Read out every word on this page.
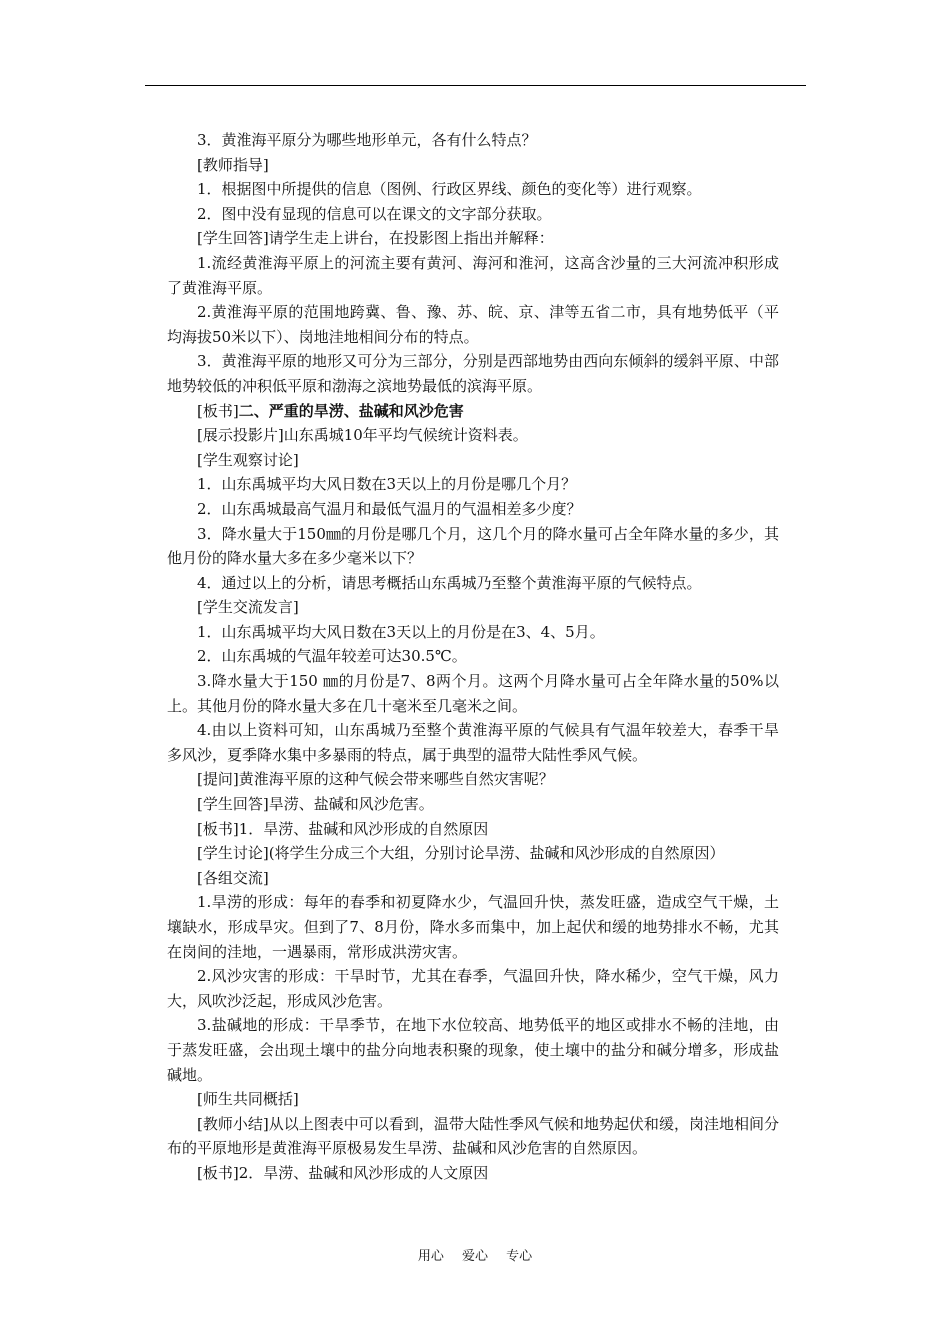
3．黄淮海平原分为哪些地形单元，各有什么特点？

[教师指导]

1．根据图中所提供的信息（图例、行政区界线、颜色的变化等）进行观察。

2．图中没有显现的信息可以在课文的文字部分获取。

[学生回答]请学生走上讲台，在投影图上指出并解释：

1.流经黄淮海平原上的河流主要有黄河、海河和淮河，这高含沙量的三大河流冲积形成了黄淮海平原。

2.黄淮海平原的范围地跨冀、鲁、豫、苏、皖、京、津等五省二市，具有地势低平（平均海拔50米以下）、岗地洼地相间分布的特点。

3．黄淮海平原的地形又可分为三部分，分别是西部地势由西向东倾斜的缓斜平原、中部地势较低的冲积低平原和渤海之滨地势最低的滨海平原。

[板书]二、严重的旱涝、盐碱和风沙危害

[展示投影片]山东禹城10年平均气候统计资料表。

[学生观察讨论]

1．山东禹城平均大风日数在3天以上的月份是哪几个月？

2．山东禹城最高气温月和最低气温月的气温相差多少度？

3．降水量大于150㎜的月份是哪几个月，这几个月的降水量可占全年降水量的多少，其他月份的降水量大多在多少毫米以下？

4．通过以上的分析，请思考概括山东禹城乃至整个黄淮海平原的气候特点。

[学生交流发言]

1．山东禹城平均大风日数在3天以上的月份是在3、4、5月。

2．山东禹城的气温年较差可达30.5℃。

3.降水量大于150 ㎜的月份是7、8两个月。这两个月降水量可占全年降水量的50%以上。其他月份的降水量大多在几十毫米至几毫米之间。

4.由以上资料可知，山东禹城乃至整个黄淮海平原的气候具有气温年较差大，春季干旱多风沙，夏季降水集中多暴雨的特点，属于典型的温带大陆性季风气候。

[提问]黄淮海平原的这种气候会带来哪些自然灾害呢？

[学生回答]旱涝、盐碱和风沙危害。

[板书]1．旱涝、盐碱和风沙形成的自然原因

[学生讨论](将学生分成三个大组，分别讨论旱涝、盐碱和风沙形成的自然原因）

[各组交流]

1.旱涝的形成：每年的春季和初夏降水少，气温回升快，蒸发旺盛，造成空气干燥，土壤缺水，形成旱灾。但到了7、8月份，降水多而集中，加上起伏和缓的地势排水不畅，尤其在岗间的洼地，一遇暴雨，常形成洪涝灾害。

2.风沙灾害的形成：干旱时节，尤其在春季，气温回升快，降水稀少，空气干燥，风力大，风吹沙泛起，形成风沙危害。

3.盐碱地的形成：干旱季节，在地下水位较高、地势低平的地区或排水不畅的洼地，由于蒸发旺盛，会出现土壤中的盐分向地表积聚的现象，使土壤中的盐分和碱分增多，形成盐碱地。

[师生共同概括]

[教师小结]从以上图表中可以看到，温带大陆性季风气候和地势起伏和缓，岗洼地相间分布的平原地形是黄淮海平原极易发生旱涝、盐碱和风沙危害的自然原因。

[板书]2．旱涝、盐碱和风沙形成的人文原因

用心 爱心 专心
